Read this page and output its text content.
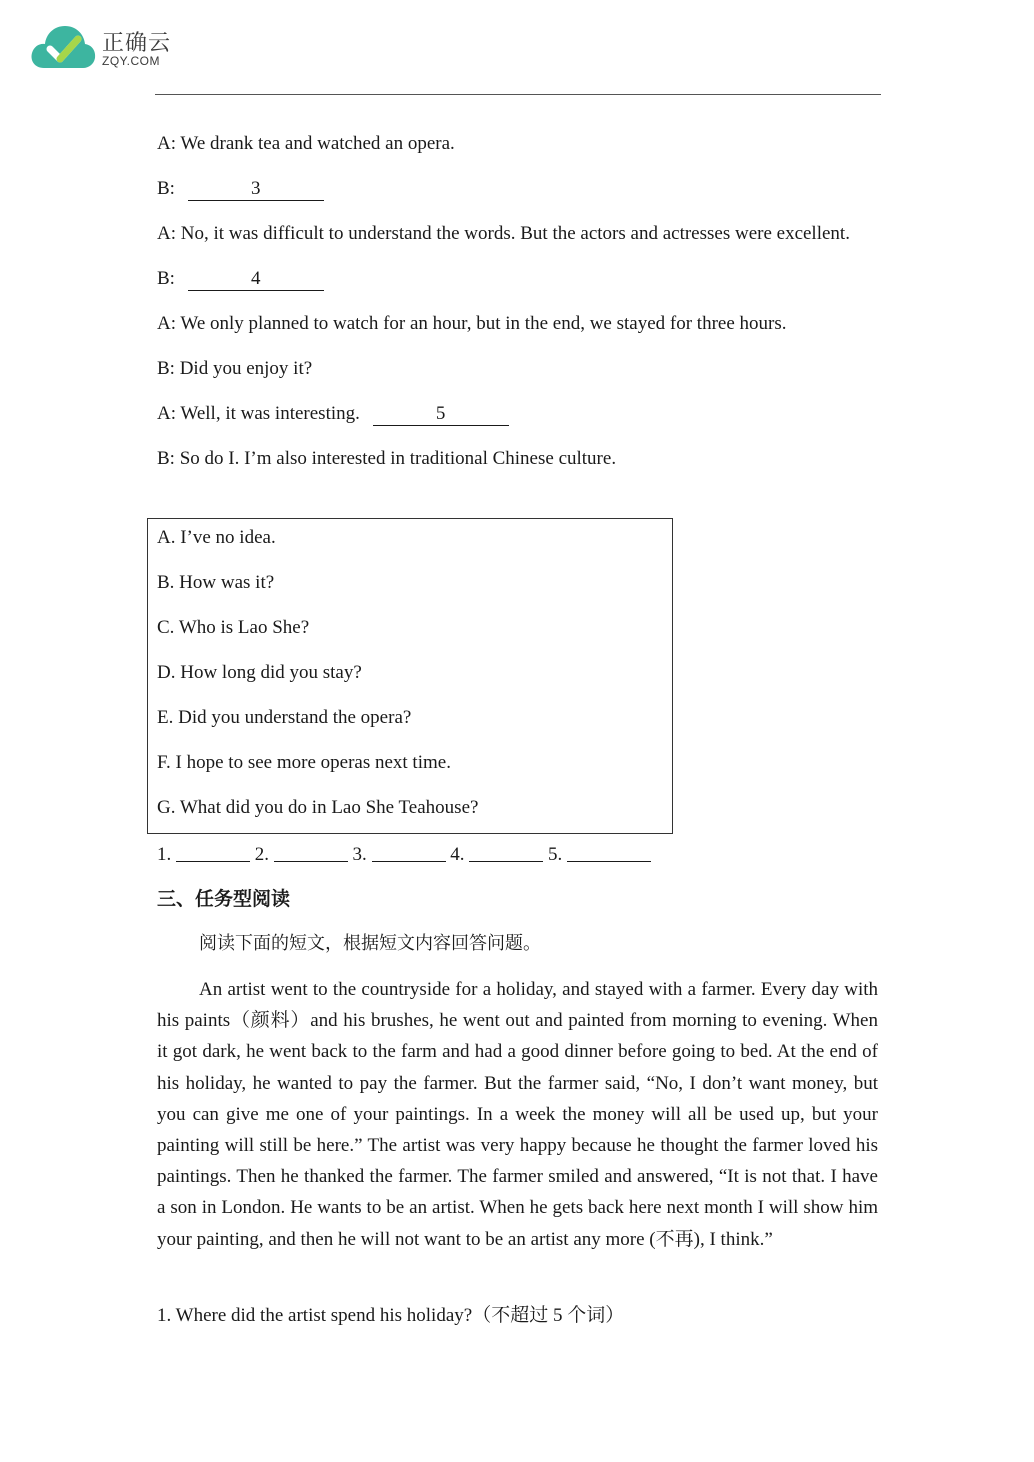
正确云
ZQY.COM

A: We drank tea and watched an opera.

B:	3

A: No, it was difficult to understand the words. But the actors and actresses were excellent.

B:	4

A: We only planned to watch for an hour, but in the end, we stayed for three hours.

B: Did you enjoy it?

A: Well, it was interesting.	5

B: So do I. I’m also interested in traditional Chinese culture.

A. I’ve no idea.
B. How was it?
C. Who is Lao She?
D. How long did you stay?
E. Did you understand the opera?
F. I hope to see more operas next time.
G. What did you do in Lao She Teahouse?
1.	2.	3.	4.	5.
三、任务型阅读
阅读下面的短文，根据短文内容回答问题。

An artist went to the countryside for a holiday, and stayed with a farmer. Every day with his paints（颜料）and his brushes, he went out and painted from morning to evening. When it got dark, he went back to the farm and had a good dinner before going to bed. At the end of his holiday, he wanted to pay the farmer. But the farmer said, “No, I don’t want money, but you can give me one of your paintings. In a week the money will all be used up, but your painting will still be here.” The artist was very happy because he thought the farmer loved his paintings. Then he thanked the farmer. The farmer smiled and answered, “It is not that. I have a son in London. He wants to be an artist. When he gets back here next month I will show him your painting, and then he will not want to be an artist any more (不再), I think.”

1. Where did the artist spend his holiday?（不超过 5 个词）
